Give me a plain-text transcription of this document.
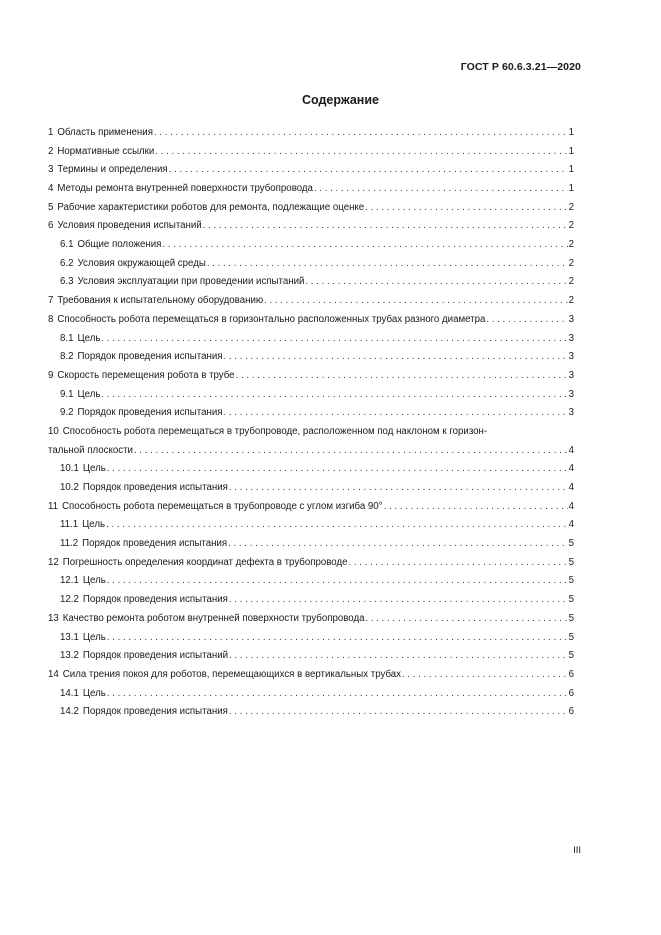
ГОСТ Р 60.6.3.21—2020
Содержание
1 Область применения . . .	1
2 Нормативные ссылки . . .	1
3 Термины и определения . . .	1
4 Методы ремонта внутренней поверхности трубопровода . . .	1
5 Рабочие характеристики роботов для ремонта, подлежащие оценке . . .	2
6 Условия проведения испытаний . . .	2
6.1 Общие положения . . .	2
6.2 Условия окружающей среды . . .	2
6.3 Условия эксплуатации при проведении испытаний . . .	2
7 Требования к испытательному оборудованию . . .	2
8 Способность робота перемещаться в горизонтально расположенных трубах разного диаметра . . .	3
8.1 Цель . . .	3
8.2 Порядок проведения испытания . . .	3
9 Скорость перемещения робота в трубе . . .	3
9.1 Цель . . .	3
9.2 Порядок проведения испытания . . .	3
10 Способность робота перемещаться в трубопроводе, расположенном под наклоном к горизон-
тальной плоскости . . .	4
10.1 Цель . . .	4
10.2 Порядок проведения испытания . . .	4
11 Способность робота перемещаться в трубопроводе с углом изгиба 90° . . .	4
11.1 Цель . . .	4
11.2 Порядок проведения испытания . . .	5
12 Погрешность определения координат дефекта в трубопроводе . . .	5
12.1 Цель . . .	5
12.2 Порядок проведения испытания . . .	5
13 Качество ремонта роботом внутренней поверхности трубопровода . . .	5
13.1 Цель . . .	5
13.2 Порядок проведения испытаний . . .	5
14 Сила трения покоя для роботов, перемещающихся в вертикальных трубах . . .	6
14.1 Цель . . .	6
14.2 Порядок проведения испытания . . .	6
III
